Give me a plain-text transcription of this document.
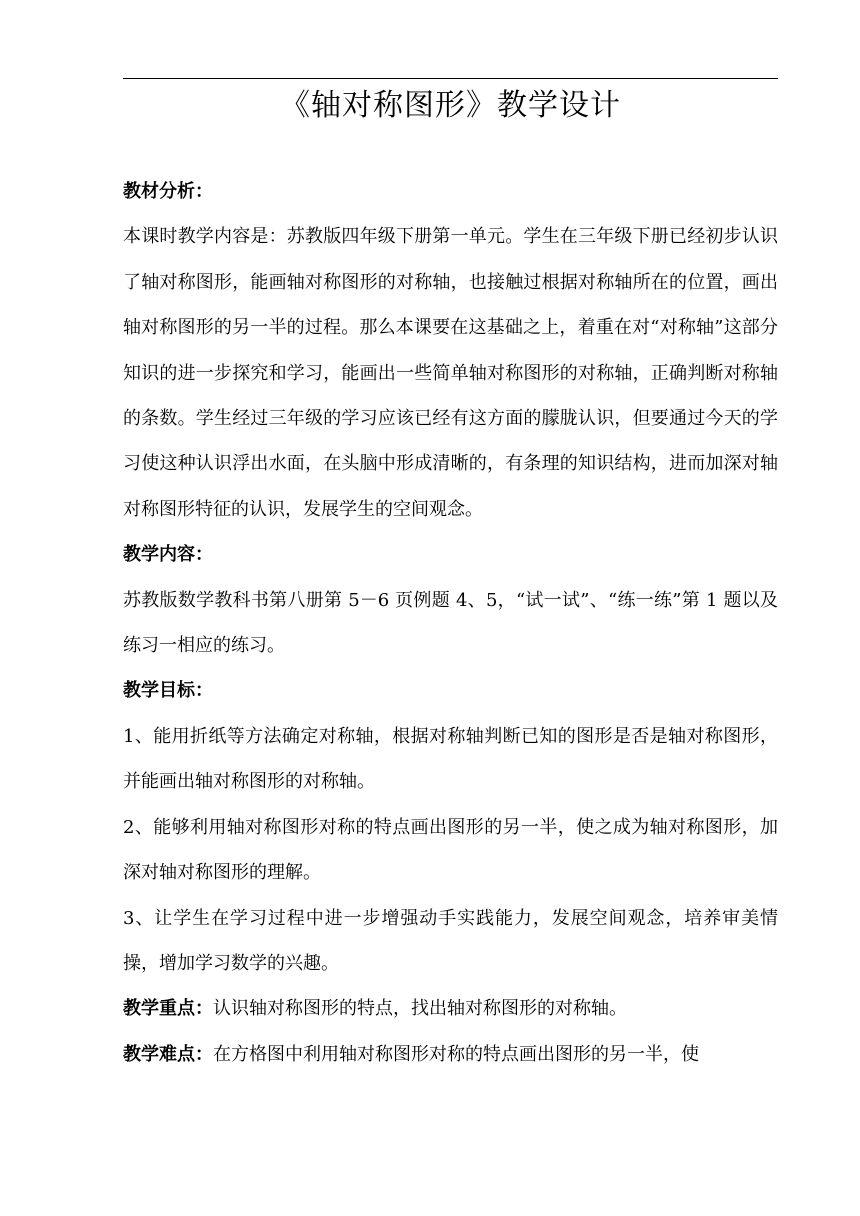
《轴对称图形》教学设计

教材分析：

本课时教学内容是：苏教版四年级下册第一单元。学生在三年级下册已经初步认识了轴对称图形，能画轴对称图形的对称轴，也接触过根据对称轴所在的位置，画出轴对称图形的另一半的过程。那么本课要在这基础之上，着重在对“对称轴”这部分知识的进一步探究和学习，能画出一些简单轴对称图形的对称轴，正确判断对称轴的条数。学生经过三年级的学习应该已经有这方面的朦胧认识，但要通过今天的学习使这种认识浮出水面，在头脑中形成清晰的，有条理的知识结构，进而加深对轴对称图形特征的认识，发展学生的空间观念。

教学内容：

苏教版数学教科书第八册第 5－6 页例题 4、5，“试一试”、“练一练”第 1 题以及练习一相应的练习。

教学目标：

1、能用折纸等方法确定对称轴，根据对称轴判断已知的图形是否是轴对称图形，并能画出轴对称图形的对称轴。

2、能够利用轴对称图形对称的特点画出图形的另一半，使之成为轴对称图形，加深对轴对称图形的理解。

3、让学生在学习过程中进一步增强动手实践能力，发展空间观念，培养审美情操，增加学习数学的兴趣。

教学重点：认识轴对称图形的特点，找出轴对称图形的对称轴。

教学难点：在方格图中利用轴对称图形对称的特点画出图形的另一半，使
